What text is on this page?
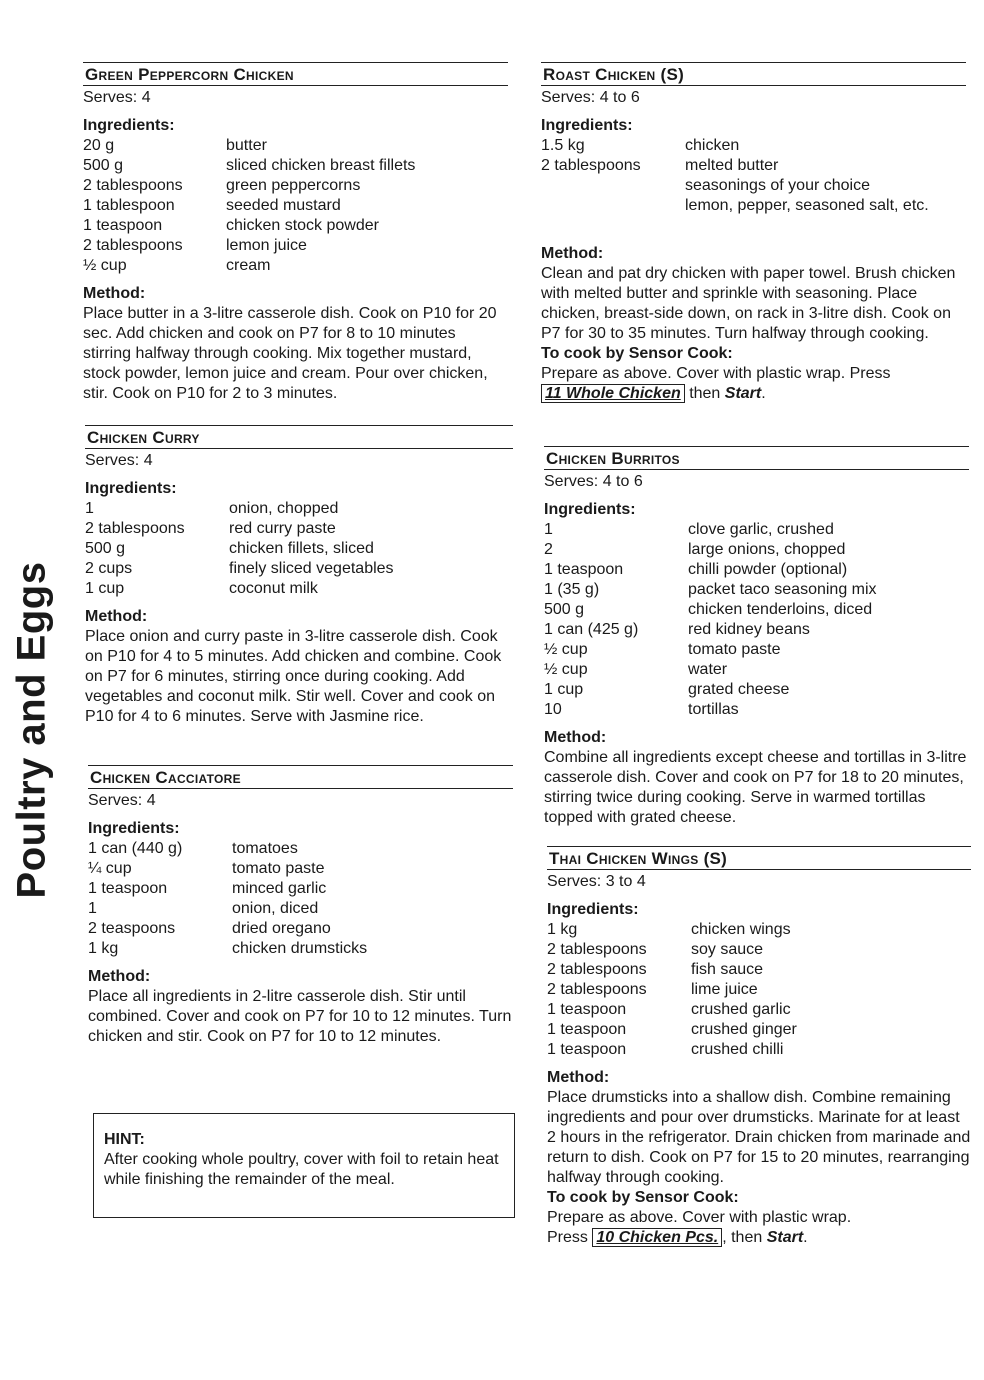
Poultry and Eggs
Green Peppercorn Chicken
Serves: 4
Ingredients:
20 g	butter
500 g	sliced chicken breast fillets
2 tablespoons	green peppercorns
1 tablespoon	seeded mustard
1 teaspoon	chicken stock powder
2 tablespoons	lemon juice
½ cup	cream
Method:
Place butter in a 3-litre casserole dish. Cook on P10 for 20 sec. Add chicken and cook on P7 for 8 to 10 minutes stirring halfway through cooking. Mix together mustard, stock powder, lemon juice and cream. Pour over chicken, stir. Cook on P10 for 2 to 3 minutes.
Chicken Curry
Serves: 4
Ingredients:
1	onion, chopped
2 tablespoons	red curry paste
500 g	chicken fillets, sliced
2 cups	finely sliced vegetables
1 cup	coconut milk
Method:
Place onion and curry paste in 3-litre casserole dish. Cook on P10 for 4 to 5 minutes. Add chicken and combine. Cook on P7 for 6 minutes, stirring once during cooking. Add vegetables and coconut milk. Stir well. Cover and cook on P10 for 4 to 6 minutes. Serve with Jasmine rice.
Chicken Cacciatore
Serves: 4
Ingredients:
1 can (440 g)	tomatoes
¼ cup	tomato paste
1 teaspoon	minced garlic
1	onion, diced
2 teaspoons	dried oregano
1 kg	chicken drumsticks
Method:
Place all ingredients in 2-litre casserole dish. Stir until combined. Cover and cook on P7 for 10 to 12 minutes. Turn chicken and stir. Cook on P7 for 10 to 12 minutes.
HINT:
After cooking whole poultry, cover with foil to retain heat while finishing the remainder of the meal.
Roast Chicken (S)
Serves: 4 to 6
Ingredients:
1.5 kg	chicken
2 tablespoons	melted butter
seasonings of your choice
lemon, pepper, seasoned salt, etc.
Method:
Clean and pat dry chicken with paper towel. Brush chicken with melted butter and sprinkle with seasoning. Place chicken, breast-side down, on rack in 3-litre dish. Cook on P7 for 30 to 35 minutes. Turn halfway through cooking.
To cook by Sensor Cook:
Prepare as above. Cover with plastic wrap. Press
11 Whole Chicken then Start.
Chicken Burritos
Serves: 4 to 6
Ingredients:
1	clove garlic, crushed
2	large onions, chopped
1 teaspoon	chilli powder (optional)
1 (35 g)	packet taco seasoning mix
500 g	chicken tenderloins, diced
1 can (425 g)	red kidney beans
½ cup	tomato paste
½ cup	water
1 cup	grated cheese
10	tortillas
Method:
Combine all ingredients except cheese and tortillas in 3-litre casserole dish. Cover and cook on P7 for 18 to 20 minutes, stirring twice during cooking. Serve in warmed tortillas topped with grated cheese.
Thai Chicken Wings (S)
Serves: 3 to 4
Ingredients:
1 kg	chicken wings
2 tablespoons	soy sauce
2 tablespoons	fish sauce
2 tablespoons	lime juice
1 teaspoon	crushed garlic
1 teaspoon	crushed ginger
1 teaspoon	crushed chilli
Method:
Place drumsticks into a shallow dish. Combine remaining ingredients and pour over drumsticks. Marinate for at least 2 hours in the refrigerator. Drain chicken from marinade and return to dish. Cook on P7 for 15 to 20 minutes, rearranging halfway through cooking.
To cook by Sensor Cook:
Prepare as above. Cover with plastic wrap.
Press 10 Chicken Pcs. , then Start.
